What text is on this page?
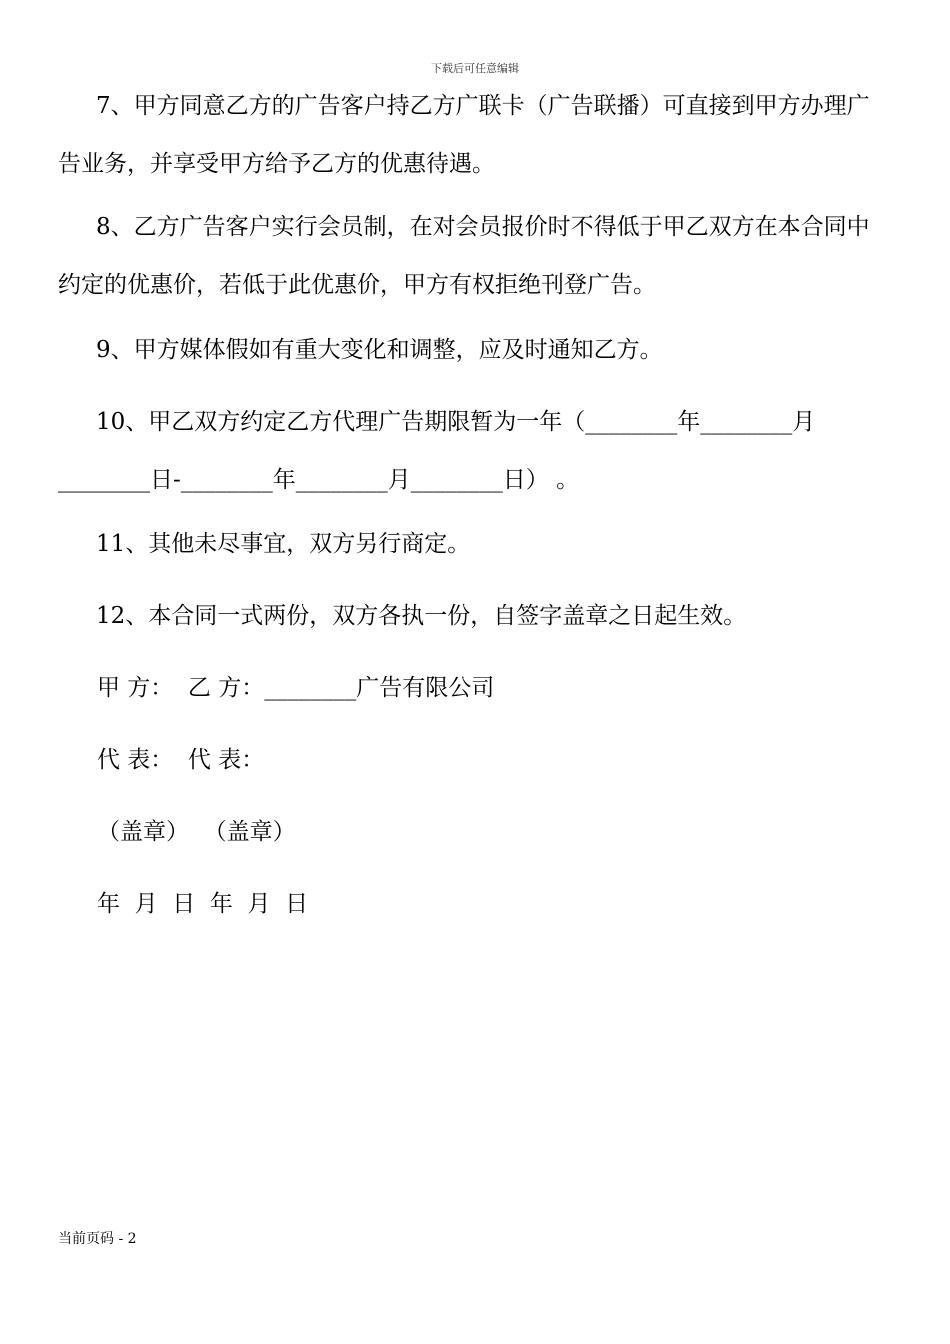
下载后可任意编辑
7、甲方同意乙方的广告客户持乙方广联卡（广告联播）可直接到甲方办理广告业务，并享受甲方给予乙方的优惠待遇。
8、乙方广告客户实行会员制，在对会员报价时不得低于甲乙双方在本合同中约定的优惠价，若低于此优惠价，甲方有权拒绝刊登广告。
9、甲方媒体假如有重大变化和调整，应及时通知乙方。
10、甲乙双方约定乙方代理广告期限暂为一年（________年________月________日-________年________月________日） 。
11、其他未尽事宜，双方另行商定。
12、本合同一式两份，双方各执一份，自签字盖章之日起生效。
甲 方：  乙 方：________广告有限公司
代 表：  代 表：
（盖章）  （盖章）
年  月  日  年  月  日
当前页码 - 2
